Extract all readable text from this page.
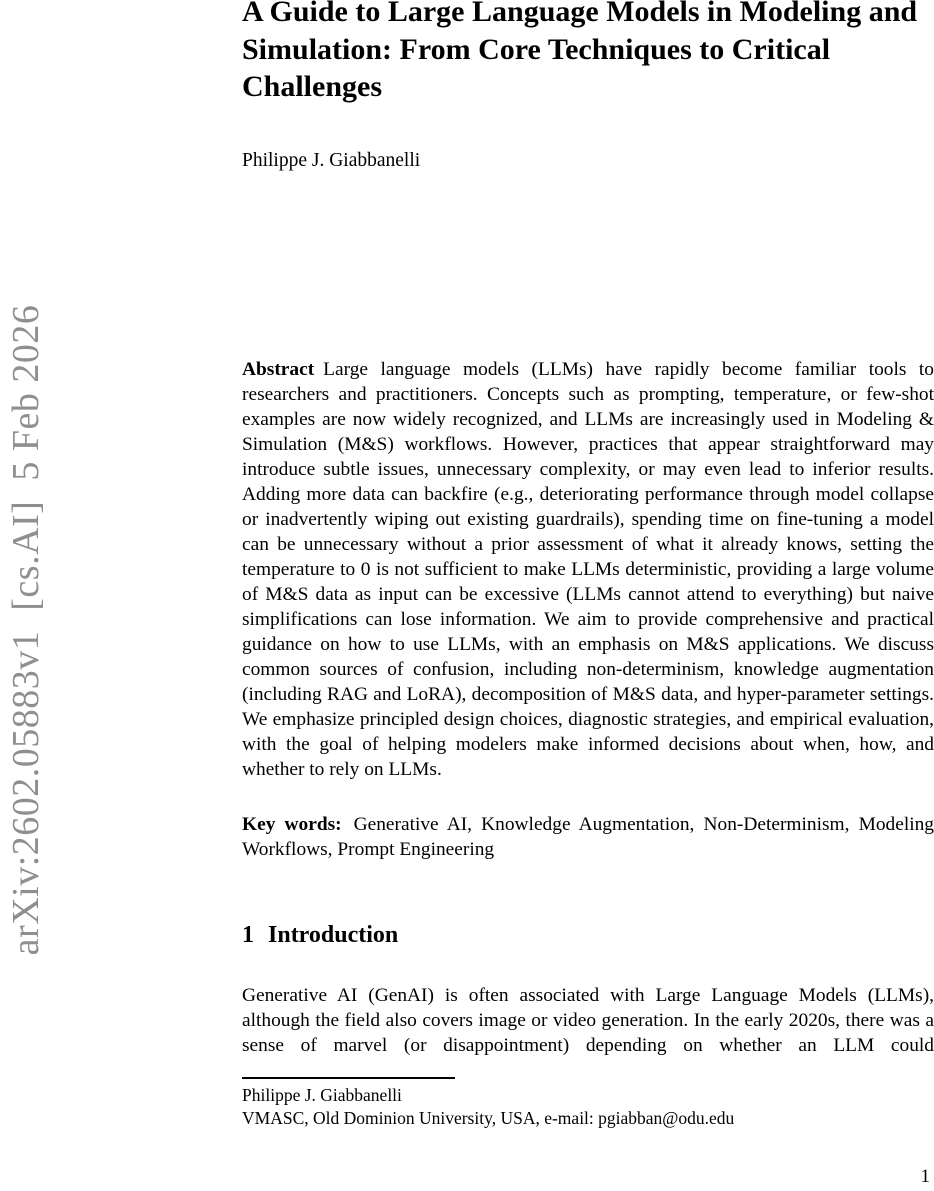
arXiv:2602.05883v1  [cs.AI]  5 Feb 2026
A Guide to Large Language Models in Modeling and Simulation: From Core Techniques to Critical Challenges
Philippe J. Giabbanelli
Abstract Large language models (LLMs) have rapidly become familiar tools to researchers and practitioners. Concepts such as prompting, temperature, or few-shot examples are now widely recognized, and LLMs are increasingly used in Modeling & Simulation (M&S) workflows. However, practices that appear straightforward may introduce subtle issues, unnecessary complexity, or may even lead to inferior results. Adding more data can backfire (e.g., deteriorating performance through model collapse or inadvertently wiping out existing guardrails), spending time on fine-tuning a model can be unnecessary without a prior assessment of what it already knows, setting the temperature to 0 is not sufficient to make LLMs deterministic, providing a large volume of M&S data as input can be excessive (LLMs cannot attend to everything) but naive simplifications can lose information. We aim to provide comprehensive and practical guidance on how to use LLMs, with an emphasis on M&S applications. We discuss common sources of confusion, including non-determinism, knowledge augmentation (including RAG and LoRA), decomposition of M&S data, and hyper-parameter settings. We emphasize principled design choices, diagnostic strategies, and empirical evaluation, with the goal of helping modelers make informed decisions about when, how, and whether to rely on LLMs.
Key words: Generative AI, Knowledge Augmentation, Non-Determinism, Modeling Workflows, Prompt Engineering
1 Introduction
Generative AI (GenAI) is often associated with Large Language Models (LLMs), although the field also covers image or video generation. In the early 2020s, there was a sense of marvel (or disappointment) depending on whether an LLM could
Philippe J. Giabbanelli
VMASC, Old Dominion University, USA, e-mail: pgiabban@odu.edu
1
